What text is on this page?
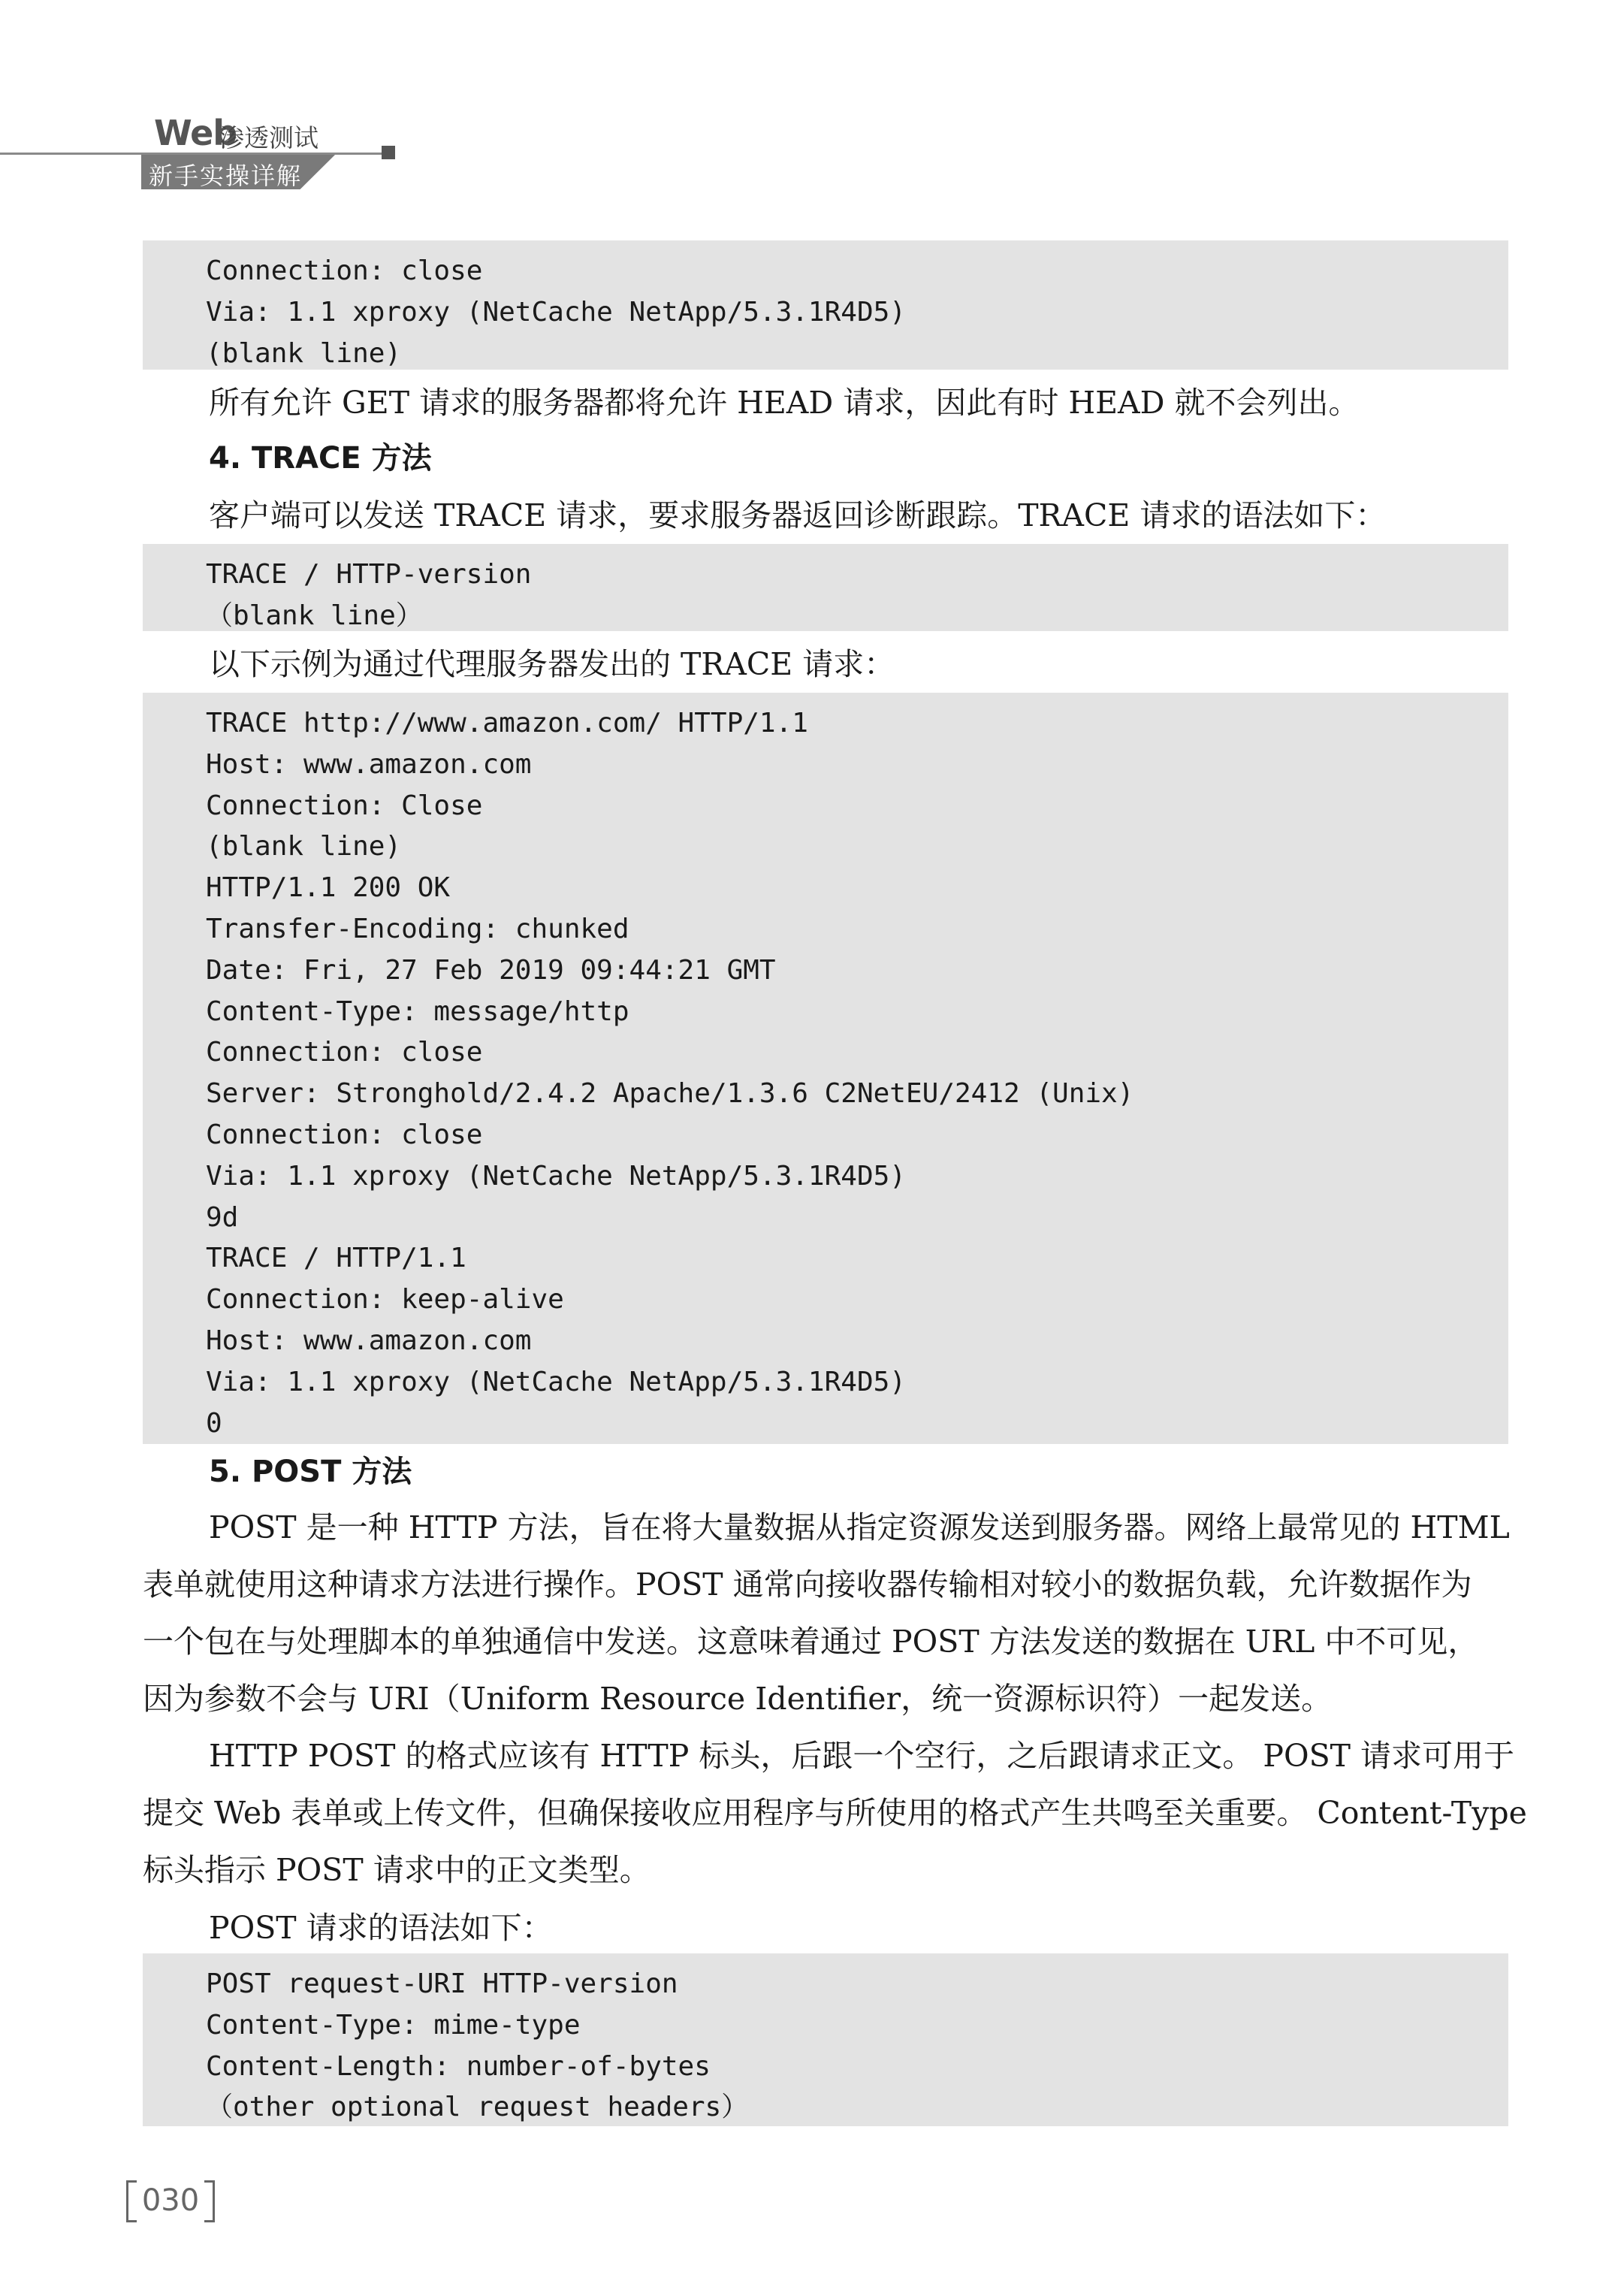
Web
渗透测试
新手实操详解
Connection: close
Via: 1.1 xproxy (NetCache NetApp/5.3.1R4D5)
(blank line)
所有允许 GET 请求的服务器都将允许 HEAD 请求，因此有时 HEAD 就不会列出。
4. TRACE 方法
客户端可以发送 TRACE 请求，要求服务器返回诊断跟踪。TRACE 请求的语法如下：
TRACE / HTTP-version
（blank line）
以下示例为通过代理服务器发出的 TRACE 请求：
TRACE http://www.amazon.com/ HTTP/1.1
Host: www.amazon.com
Connection: Close
(blank line)
HTTP/1.1 200 OK
Transfer-Encoding: chunked
Date: Fri, 27 Feb 2019 09:44:21 GMT
Content-Type: message/http
Connection: close
Server: Stronghold/2.4.2 Apache/1.3.6 C2NetEU/2412 (Unix)
Connection: close
Via: 1.1 xproxy (NetCache NetApp/5.3.1R4D5)
9d
TRACE / HTTP/1.1
Connection: keep-alive
Host: www.amazon.com
Via: 1.1 xproxy (NetCache NetApp/5.3.1R4D5)
0
5. POST 方法
POST 是一种 HTTP 方法，旨在将大量数据从指定资源发送到服务器。网络上最常见的 HTML
表单就使用这种请求方法进行操作。POST 通常向接收器传输相对较小的数据负载，允许数据作为
一个包在与处理脚本的单独通信中发送。这意味着通过 POST 方法发送的数据在 URL 中不可见，
因为参数不会与 URI（Uniform Resource Identifier，统一资源标识符）一起发送。
HTTP POST 的格式应该有 HTTP 标头，后跟一个空行，之后跟请求正文。 POST 请求可用于
提交 Web 表单或上传文件，但确保接收应用程序与所使用的格式产生共鸣至关重要。 Content-Type
标头指示 POST 请求中的正文类型。
POST 请求的语法如下：
POST request-URI HTTP-version
Content-Type: mime-type
Content-Length: number-of-bytes
（other optional request headers）
030
